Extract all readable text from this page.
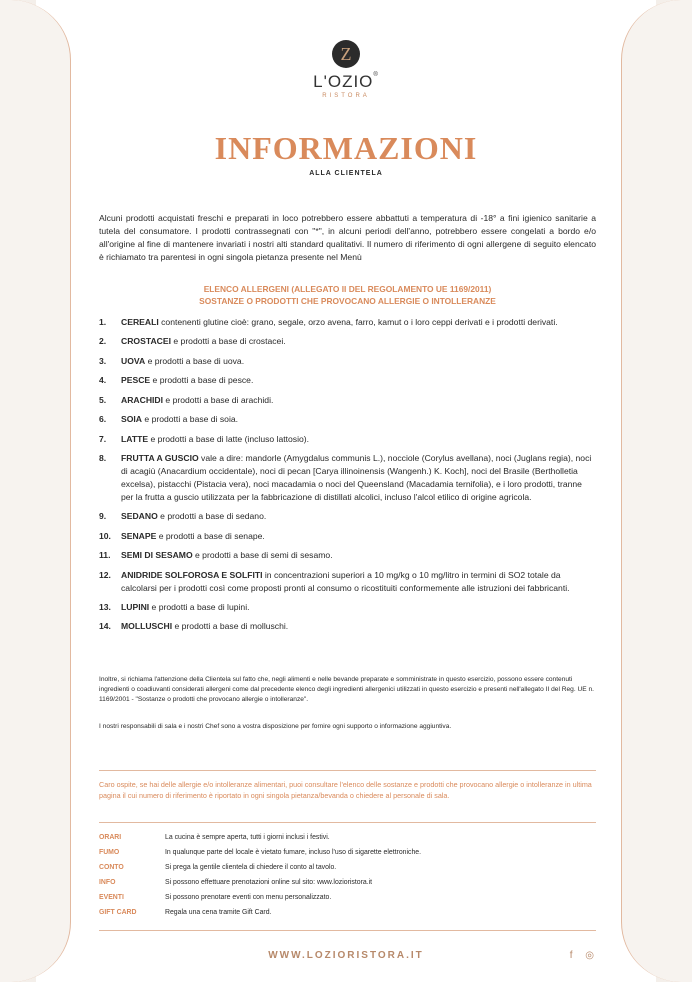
Z
L'OZIO®
RISTORA
INFORMAZIONI
ALLA CLIENTELA
Alcuni prodotti acquistati freschi e preparati in loco potrebbero essere abbattuti a temperatura di -18° a fini igienico sanitarie a tutela del consumatore. I prodotti contrassegnati con "*", in alcuni periodi dell'anno, potrebbero essere congelati a bordo e/o all'origine al fine di mantenere invariati i nostri alti standard qualitativi. Il numero di riferimento di ogni allergene di seguito elencato è richiamato tra parentesi in ogni singola pietanza presente nel Menù
ELENCO ALLERGENI (ALLEGATO II DEL REGOLAMENTO UE 1169/2011)
SOSTANZE O PRODOTTI CHE PROVOCANO ALLERGIE O INTOLLERANZE
1. CEREALI contenenti glutine cioè: grano, segale, orzo avena, farro, kamut o i loro ceppi derivati e i prodotti derivati.
2. CROSTACEI e prodotti a base di crostacei.
3. UOVA e prodotti a base di uova.
4. PESCE e prodotti a base di pesce.
5. ARACHIDI e prodotti a base di arachidi.
6. SOIA e prodotti a base di soia.
7. LATTE e prodotti a base di latte (incluso lattosio).
8. FRUTTA A GUSCIO vale a dire: mandorle (Amygdalus communis L.), nocciole (Corylus avellana), noci (Juglans regia), noci di acagiù (Anacardium occidentale), noci di pecan [Carya illinoinensis (Wangenh.) K. Koch], noci del Brasile (Bertholletia excelsa), pistacchi (Pistacia vera), noci macadamia o noci del Queensland (Macadamia ternifolia), e i loro prodotti, tranne per la frutta a guscio utilizzata per la fabbricazione di distillati alcolici, incluso l'alcol etilico di origine agricola.
9. SEDANO e prodotti a base di sedano.
10. SENAPE e prodotti a base di senape.
11. SEMI DI SESAMO e prodotti a base di semi di sesamo.
12. ANIDRIDE SOLFOROSA E SOLFITI in concentrazioni superiori a 10 mg/kg o 10 mg/litro in termini di SO2 totale da calcolarsi per i prodotti così come proposti pronti al consumo o ricostituiti conformemente alle istruzioni dei fabbricanti.
13. LUPINI e prodotti a base di lupini.
14. MOLLUSCHI e prodotti a base di molluschi.
Inoltre, si richiama l'attenzione della Clientela sul fatto che, negli alimenti e nelle bevande preparate e somministrate in questo esercizio, possono essere contenuti ingredienti o coadiuvanti considerati allergeni come dal precedente elenco degli ingredienti allergenici utilizzati in questo esercizio e presenti nell'allegato II del Reg. UE n. 1169/2001 - "Sostanze o prodotti che provocano allergie o intolleranze".
I nostri responsabili di sala e i nostri Chef sono a vostra disposizione per fornire ogni supporto o informazione aggiuntiva.
Caro ospite, se hai delle allergie e/o intolleranze alimentari, puoi consultare l'elenco delle sostanze e prodotti che provocano allergie o intolleranze in ultima pagina il cui numero di riferimento è riportato in ogni singola pietanza/bevanda o chiedere al personale di sala.
ORARI	La cucina è sempre aperta, tutti i giorni inclusi i festivi.
FUMO	In qualunque parte del locale è vietato fumare, incluso l'uso di sigarette elettroniche.
CONTO	Si prega la gentile clientela di chiedere il conto al tavolo.
INFO	Si possono effettuare prenotazioni online sul sito: www.lozioristora.it
EVENTI	Si possono prenotare eventi con menu personalizzato.
GIFT CARD	Regala una cena tramite Gift Card.
WWW.LOZIORISTORA.IT	f ◎
